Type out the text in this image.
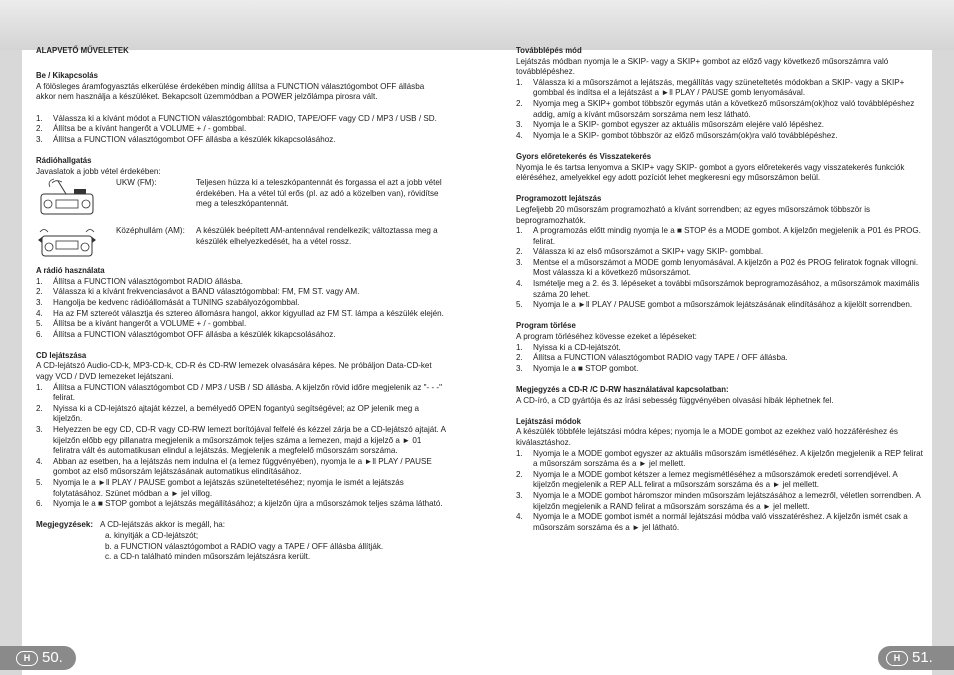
ALAPVETŐ MŰVELETEK
Be / Kikapcsolás
A fölösleges áramfogyasztás elkerülése érdekében mindig állítsa a FUNCTION választógombot OFF állásba akkor nem használja a készüléket. Bekapcsolt üzemmódban a POWER jelzőlámpa pirosra vált.
1.	Válassza ki a kívánt módot a FUNCTION választógombbal: RADIO, TAPE/OFF vagy CD / MP3 / USB / SD.
2.	Állítsa be a kívánt hangerőt a VOLUME + / - gombbal.
3.	Állítsa a FUNCTION választógombot OFF állásba a készülék kikapcsolásához.
Rádióhallgatás
Javaslatok a jobb vétel érdekében:
UKW (FM):	Teljesen húzza ki a teleszkópantennát és forgassa el azt a jobb vétel érdekében. Ha a vétel túl erős (pl. az adó a közelben van), rövidítse meg a teleszkópantennát.
Középhullám (AM):	A készülék beépített AM-antennával rendelkezik; változtassa meg a készülék elhelyezkedését, ha a vétel rossz.
A rádió használata
1.	Állítsa a FUNCTION választógombot RADIO állásba.
2.	Válassza ki a kívánt frekvenciasávot a BAND választógombbal: FM, FM ST. vagy AM.
3.	Hangolja be kedvenc rádióállomását a TUNING szabályozógombbal.
4.	Ha az FM sztereót választja és sztereo állomásra hangol, akkor kigyullad az FM ST. lámpa a készülék elején.
5.	Állítsa be a kívánt hangerőt a VOLUME + / - gombbal.
6.	Állítsa a FUNCTION választógombot OFF állásba a készülék kikapcsolásához.
CD lejátszása
A CD-lejátszó Audio-CD-k, MP3-CD-k, CD-R és CD-RW lemezek olvasására képes. Ne próbáljon Data-CD-ket vagy VCD / DVD lemezeket lejátszani.
1.	Állítsa a FUNCTION választógombot CD / MP3 / USB / SD állásba. A kijelzőn rövid időre megjelenik az "- - -" felirat.
2.	Nyissa ki a CD-lejátszó ajtaját kézzel, a bemélyedő OPEN fogantyú segítségével; az OP jelenik meg a kijelzőn.
3.	Helyezzen be egy CD, CD-R vagy CD-RW lemezt borítójával felfelé és kézzel zárja be a CD-lejátszó ajtaját. A kijelzőn előbb egy pillanatra megjelenik a műsorszámok teljes száma a lemezen, majd a kijelző a ► 01 feliratra vált és automatikusan elindul a lejátszás. Megjelenik a megfelelő műsorszám sorszáma.
4.	Abban az esetben, ha a lejátszás nem indulna el (a lemez függvényében), nyomja le a ►ll PLAY / PAUSE gombot az első műsorszám lejátszásának automatikus elindításához.
5.	Nyomja le a ►ll PLAY / PAUSE gombot a lejátszás szüneteltetéséhez; nyomja le ismét a lejátszás folytatásához. Szünet módban a ► jel villog.
6.	Nyomja le a ■ STOP gombot a lejátszás megállításához; a kijelzőn újra a műsorszámok teljes száma látható.
Megjegyzések: A CD-lejátszás akkor is megáll, ha:
a. kinyitják a CD-lejátszót;
b. a FUNCTION választógombot a RADIO vagy a TAPE / OFF állásba állítják.
c. a CD-n található minden műsorszám lejátszásra került.
Továbblépés mód
Lejátszás módban nyomja le a SKIP- vagy a SKIP+ gombot az előző vagy következő műsorszámra való továbblépéshez.
1.	Válassza ki a műsorszámot a lejátszás, megállítás vagy szüneteltetés módokban a SKIP- vagy a SKIP+ gombbal és indítsa el a lejátszást a ►ll PLAY / PAUSE gomb lenyomásával.
2.	Nyomja meg a SKIP+ gombot többször egymás után a következő műsorszám(ok)hoz való továbblépéshez addig, amíg a kívánt műsorszám sorszáma nem lesz látható.
3.	Nyomja le a SKIP- gombot egyszer az aktuális műsorszám elejére való lépéshez.
4.	Nyomja le a SKIP- gombot többször az előző műsorszám(ok)ra való továbblépéshez.
Gyors előretekerés és Visszatekerés
Nyomja le és tartsa lenyomva a SKIP+ vagy SKIP- gombot a gyors előretekerés vagy visszatekerés funkciók eléréséhez, amelyekkel egy adott pozíciót lehet megkeresni egy műsorszámon belül.
Programozott lejátszás
Legfeljebb 20 műsorszám programozható a kívánt sorrendben; az egyes műsorszámok többször is beprogramozhatók.
1.	A programozás előtt mindig nyomja le a ■ STOP és a MODE gombot. A kijelzőn megjelenik a P01 és PROG. felirat.
2.	Válassza ki az első műsorszámot a SKIP+ vagy SKIP- gombbal.
3.	Mentse el a műsorszámot a MODE gomb lenyomásával. A kijelzőn a P02 és PROG feliratok fognak villogni. Most válassza ki a következő műsorszámot.
4.	Ismételje meg a 2. és 3. lépéseket a további műsorszámok beprogramozásához, a műsorszámok maximális száma 20 lehet.
5.	Nyomja le a ►ll PLAY / PAUSE gombot a műsorszámok lejátszásának elindításához a kijelölt sorrendben.
Program törlése
A program törléséhez kövesse ezeket a lépéseket:
1.	Nyissa ki a CD-lejátszót.
2.	Állítsa a FUNCTION választógombot RADIO vagy TAPE / OFF állásba.
3.	Nyomja le a ■ STOP gombot.
Megjegyzés a CD-R /C D-RW használatával kapcsolatban:
A CD-író, a CD gyártója és az írási sebesség függvényében olvasási hibák léphetnek fel.
Lejátszási módok
A készülék többféle lejátszási módra képes; nyomja le a MODE gombot az ezekhez való hozzáféréshez és kiválasztáshoz.
1.	Nyomja le a MODE gombot egyszer az aktuális műsorszám ismétléséhez. A kijelzőn megjelenik a REP felirat a műsorszám sorszáma és a ► jel mellett.
2.	Nyomja le a MODE gombot kétszer a lemez megismétléséhez a műsorszámok eredeti sorrendjével. A kijelzőn megjelenik a REP ALL felirat a műsorszám sorszáma és a ► jel mellett.
3.	Nyomja le a MODE gombot háromszor minden műsorszám lejátszásához a lemezről, véletlen sorrendben. A kijelzőn megjelenik a RAND felirat a műsorszám sorszáma és a ► jel mellett.
4.	Nyomja le a MODE gombot ismét a normál lejátszási módba való visszatéréshez. A kijelzőn ismét csak a műsorszám sorszáma és a ► jel látható.
H 50.	H 51.
